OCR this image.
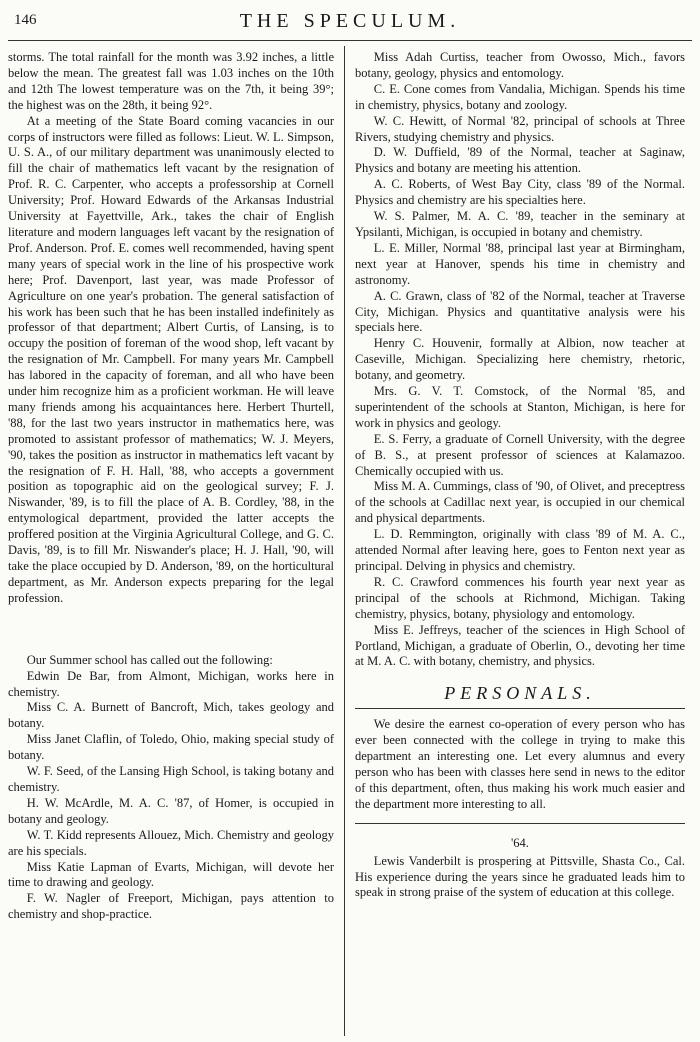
146	THE SPECULUM.

storms. The total rainfall for the month was 3.92 inches, a little below the mean. The greatest fall was 1.03 inches on the 10th and 12th The lowest temperature was on the 7th, it being 39°; the highest was on the 28th, it being 92°.

At a meeting of the State Board coming vacancies in our corps of instructors were filled as follows: Lieut. W. L. Simpson, U. S. A., of our military department was unanimously elected to fill the chair of mathematics left vacant by the resignation of Prof. R. C. Carpenter, who accepts a professorship at Cornell University; Prof. Howard Edwards of the Arkansas Industrial University at Fayettville, Ark., takes the chair of English literature and modern languages left vacant by the resignation of Prof. Anderson. Prof. E. comes well recommended, having spent many years of special work in the line of his prospective work here; Prof. Davenport, last year, was made Professor of Agriculture on one year's probation. The general satisfaction of his work has been such that he has been installed indefinitely as professor of that department; Albert Curtis, of Lansing, is to occupy the position of foreman of the wood shop, left vacant by the resignation of Mr. Campbell. For many years Mr. Campbell has labored in the capacity of foreman, and all who have been under him recognize him as a proficient workman. He will leave many friends among his acquaintances here. Herbert Thurtell, '88, for the last two years instructor in mathematics here, was promoted to assistant professor of mathematics; W. J. Meyers, '90, takes the position as instructor in mathematics left vacant by the resignation of F. H. Hall, '88, who accepts a government position as topographic aid on the geological survey; F. J. Niswander, '89, is to fill the place of A. B. Cordley, '88, in the entymological department, provided the latter accepts the proffered position at the Virginia Agricultural College, and G. C. Davis, '89, is to fill Mr. Niswander's place; H. J. Hall, '90, will take the place occupied by D. Anderson, '89, on the horticultural department, as Mr. Anderson expects preparing for the legal profession.

Our Summer school has called out the following:

Edwin De Bar, from Almont, Michigan, works here in chemistry.

Miss C. A. Burnett of Bancroft, Mich, takes geology and botany.

Miss Janet Claflin, of Toledo, Ohio, making special study of botany.

W. F. Seed, of the Lansing High School, is taking botany and chemistry.

H. W. McArdle, M. A. C. '87, of Homer, is occupied in botany and geology.

W. T. Kidd represents Allouez, Mich. Chemistry and geology are his specials.

Miss Katie Lapman of Evarts, Michigan, will devote her time to drawing and geology.

F. W. Nagler of Freeport, Michigan, pays attention to chemistry and shop-practice.

Miss Adah Curtiss, teacher from Owosso, Mich., favors botany, geology, physics and entomology.

C. E. Cone comes from Vandalia, Michigan. Spends his time in chemistry, physics, botany and zoology.

W. C. Hewitt, of Normal '82, principal of schools at Three Rivers, studying chemistry and physics.

D. W. Duffield, '89 of the Normal, teacher at Saginaw, Physics and botany are meeting his attention.

A. C. Roberts, of West Bay City, class '89 of the Normal. Physics and chemistry are his specialties here.

W. S. Palmer, M. A. C. '89, teacher in the seminary at Ypsilanti, Michigan, is occupied in botany and chemistry.

L. E. Miller, Normal '88, principal last year at Birmingham, next year at Hanover, spends his time in chemistry and astronomy.

A. C. Grawn, class of '82 of the Normal, teacher at Traverse City, Michigan. Physics and quantitative analysis were his specials here.

Henry C. Houvenir, formally at Albion, now teacher at Caseville, Michigan. Specializing here chemistry, rhetoric, botany, and geometry.

Mrs. G. V. T. Comstock, of the Normal '85, and superintendent of the schools at Stanton, Michigan, is here for work in physics and geology.

E. S. Ferry, a graduate of Cornell University, with the degree of B. S., at present professor of sciences at Kalamazoo. Chemically occupied with us.

Miss M. A. Cummings, class of '90, of Olivet, and preceptress of the schools at Cadillac next year, is occupied in our chemical and physical departments.

L. D. Remmington, originally with class '89 of M. A. C., attended Normal after leaving here, goes to Fenton next year as principal. Delving in physics and chemistry.

R. C. Crawford commences his fourth year next year as principal of the schools at Richmond, Michigan. Taking chemistry, physics, botany, physiology and entomology.

Miss E. Jeffreys, teacher of the sciences in High School of Portland, Michigan, a graduate of Oberlin, O., devoting her time at M. A. C. with botany, chemistry, and physics.

PERSONALS.

We desire the earnest co-operation of every person who has ever been connected with the college in trying to make this department an interesting one. Let every alumnus and every person who has been with classes here send in news to the editor of this department, often, thus making his work much easier and the department more interesting to all.

'64.

Lewis Vanderbilt is prospering at Pittsville, Shasta Co., Cal. His experience during the years since he graduated leads him to speak in strong praise of the system of education at this college.
